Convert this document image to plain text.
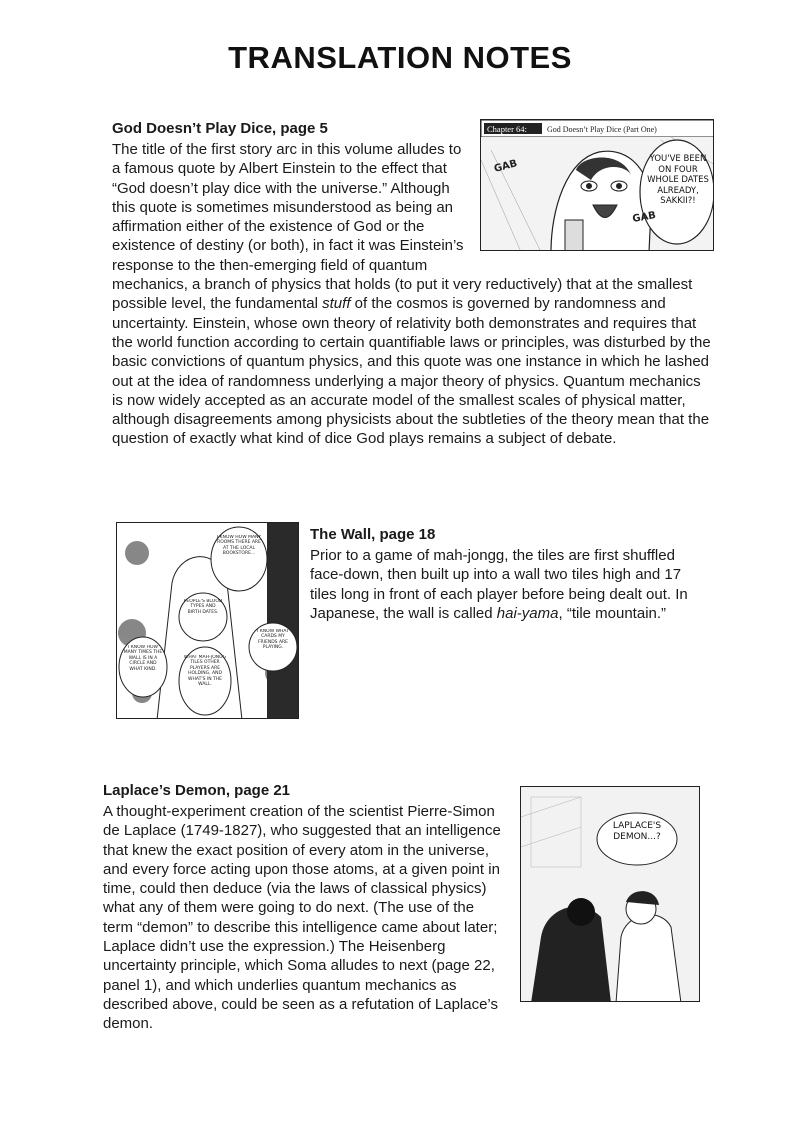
TRANSLATION NOTES
Chapter 64:	God Doesn’t Play Dice (Part One)
YOU'VE BEEN ON FOUR WHOLE DATES ALREADY, SAKKII?!
GAB
GAB
God Doesn’t Play Dice, page 5

The title of the first story arc in this volume alludes to a famous quote by Albert Einstein to the effect that “God doesn’t play dice with the universe.” Although this quote is sometimes misunderstood as being an affirmation either of the existence of God or the existence of destiny (or both), in fact it was Einstein’s response to the then-emerging field of quantum mechanics, a branch of physics that holds (to put it very reductively) that at the smallest possible level, the fundamental stuff of the cosmos is governed by randomness and uncertainty. Einstein, whose own theory of relativity both demonstrates and requires that the world function according to certain quantifiable laws or principles, was disturbed by the basic convictions of quantum physics, and this quote was one instance in which he lashed out at the idea of randomness underlying a major theory of physics. Quantum mechanics is now widely accepted as an accurate model of the smallest scales of physical matter, although disagreements among physicists about the subtleties of the theory mean that the question of exactly what kind of dice God plays remains a subject of debate.

I KNOW HOW MANY ROOMS THERE ARE AT THE LOCAL BOOKSTORE...
PEOPLE'S BLOOD TYPES AND BIRTH DATES.
I KNOW HOW MANY TIMES THE WALL IS IN A CIRCLE AND WHAT KIND.
I KNOW WHAT CARDS MY FRIENDS ARE PLAYING.
WHAT MAH-JONGG TILES OTHER PLAYERS ARE HOLDING, AND WHAT'S IN THE WALL.
The Wall, page 18

Prior to a game of mah-jongg, the tiles are first shuffled face-down, then built up into a wall two tiles high and 17 tiles long in front of each player before being dealt out. In Japanese, the wall is called hai-yama, “tile mountain.”

Laplace’s Demon, page 21

A thought-experiment creation of the scientist Pierre-Simon de Laplace (1749-1827), who suggested that an intelligence that knew the exact position of every atom in the universe, and every force acting upon those atoms, at a given point in time, could then deduce (via the laws of classical physics) what any of them were going to do next. (The use of the term “demon” to describe this intelligence came about later; Laplace didn’t use the expression.) The Heisenberg uncertainty principle, which Soma alludes to next (page 22, panel 1), and which underlies quantum mechanics as described above, could be seen as a refutation of Laplace’s demon.

LAPLACE'S DEMON...?
